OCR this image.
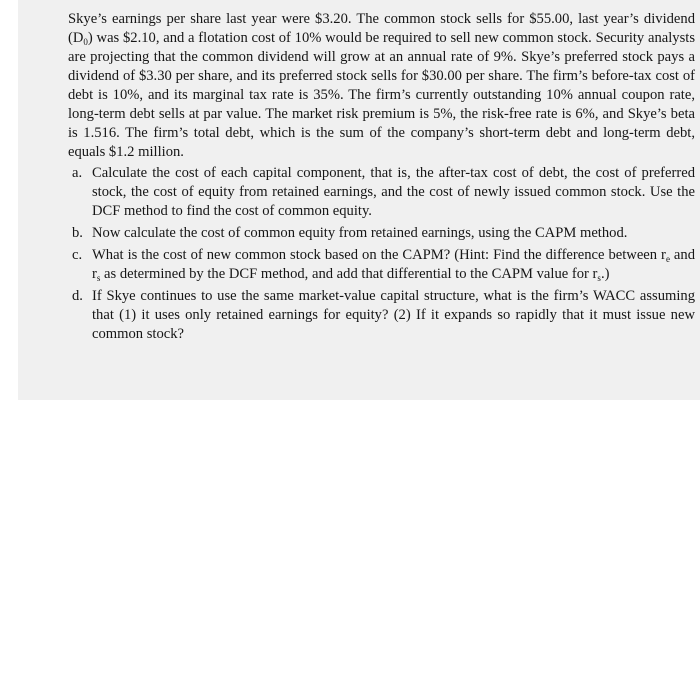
Skye’s earnings per share last year were $3.20. The common stock sells for $55.00, last year’s dividend $(D_0)$ was $2.10, and a flotation cost of 10% would be required to sell new common stock. Security analysts are projecting that the common dividend will grow at an annual rate of 9%. Skye’s preferred stock pays a dividend of $3.30 per share, and its preferred stock sells for $30.00 per share. The firm’s before-tax cost of debt is 10%, and its marginal tax rate is 35%. The firm’s currently outstanding 10% annual coupon rate, long-term debt sells at par value. The market risk premium is 5%, the risk-free rate is 6%, and Skye’s beta is 1.516. The firm’s total debt, which is the sum of the company’s short-term debt and long-term debt, equals $1.2 million.

a. Calculate the cost of each capital component, that is, the after-tax cost of debt, the cost of preferred stock, the cost of equity from retained earnings, and the cost of newly issued common stock. Use the DCF method to find the cost of common equity.
b. Now calculate the cost of common equity from retained earnings, using the CAPM method.
c. What is the cost of new common stock based on the CAPM? (Hint: Find the difference between $r_e$ and $r_s$ as determined by the DCF method, and add that differential to the CAPM value for $r_s$.)
d. If Skye continues to use the same market-value capital structure, what is the firm’s WACC assuming that (1) it uses only retained earnings for equity? (2) If it expands so rapidly that it must issue new common stock?
